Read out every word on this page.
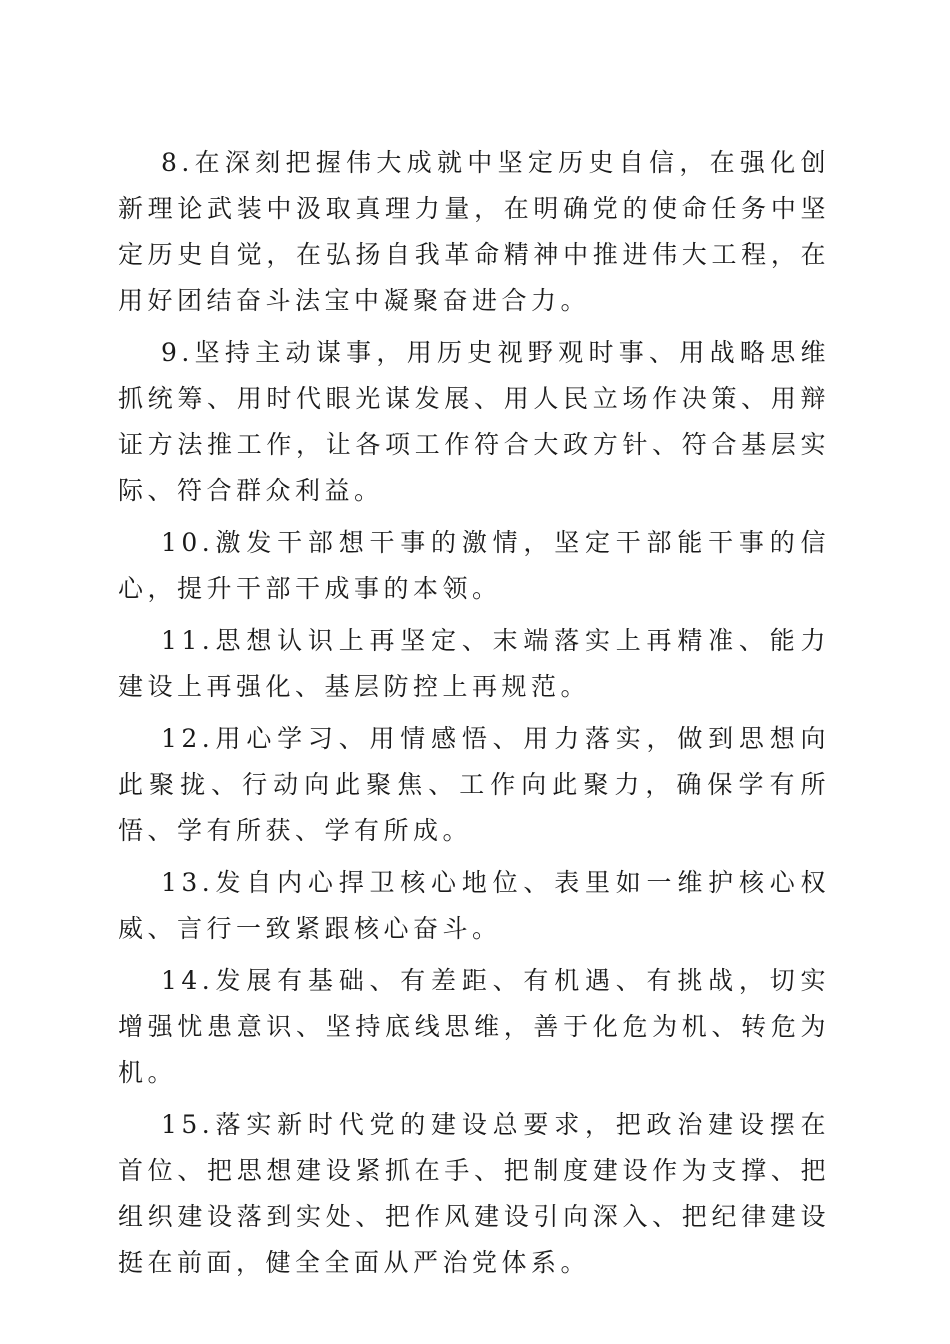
8.在深刻把握伟大成就中坚定历史自信，在强化创新理论武装中汲取真理力量，在明确党的使命任务中坚定历史自觉，在弘扬自我革命精神中推进伟大工程，在用好团结奋斗法宝中凝聚奋进合力。

9.坚持主动谋事，用历史视野观时事、用战略思维抓统筹、用时代眼光谋发展、用人民立场作决策、用辩证方法推工作，让各项工作符合大政方针、符合基层实际、符合群众利益。

10.激发干部想干事的激情，坚定干部能干事的信心，提升干部干成事的本领。

11.思想认识上再坚定、末端落实上再精准、能力建设上再强化、基层防控上再规范。

12.用心学习、用情感悟、用力落实，做到思想向此聚拢、行动向此聚焦、工作向此聚力，确保学有所悟、学有所获、学有所成。

13.发自内心捍卫核心地位、表里如一维护核心权威、言行一致紧跟核心奋斗。

14.发展有基础、有差距、有机遇、有挑战，切实增强忧患意识、坚持底线思维，善于化危为机、转危为机。

15.落实新时代党的建设总要求，把政治建设摆在首位、把思想建设紧抓在手、把制度建设作为支撑、把组织建设落到实处、把作风建设引向深入、把纪律建设挺在前面，健全全面从严治党体系。
